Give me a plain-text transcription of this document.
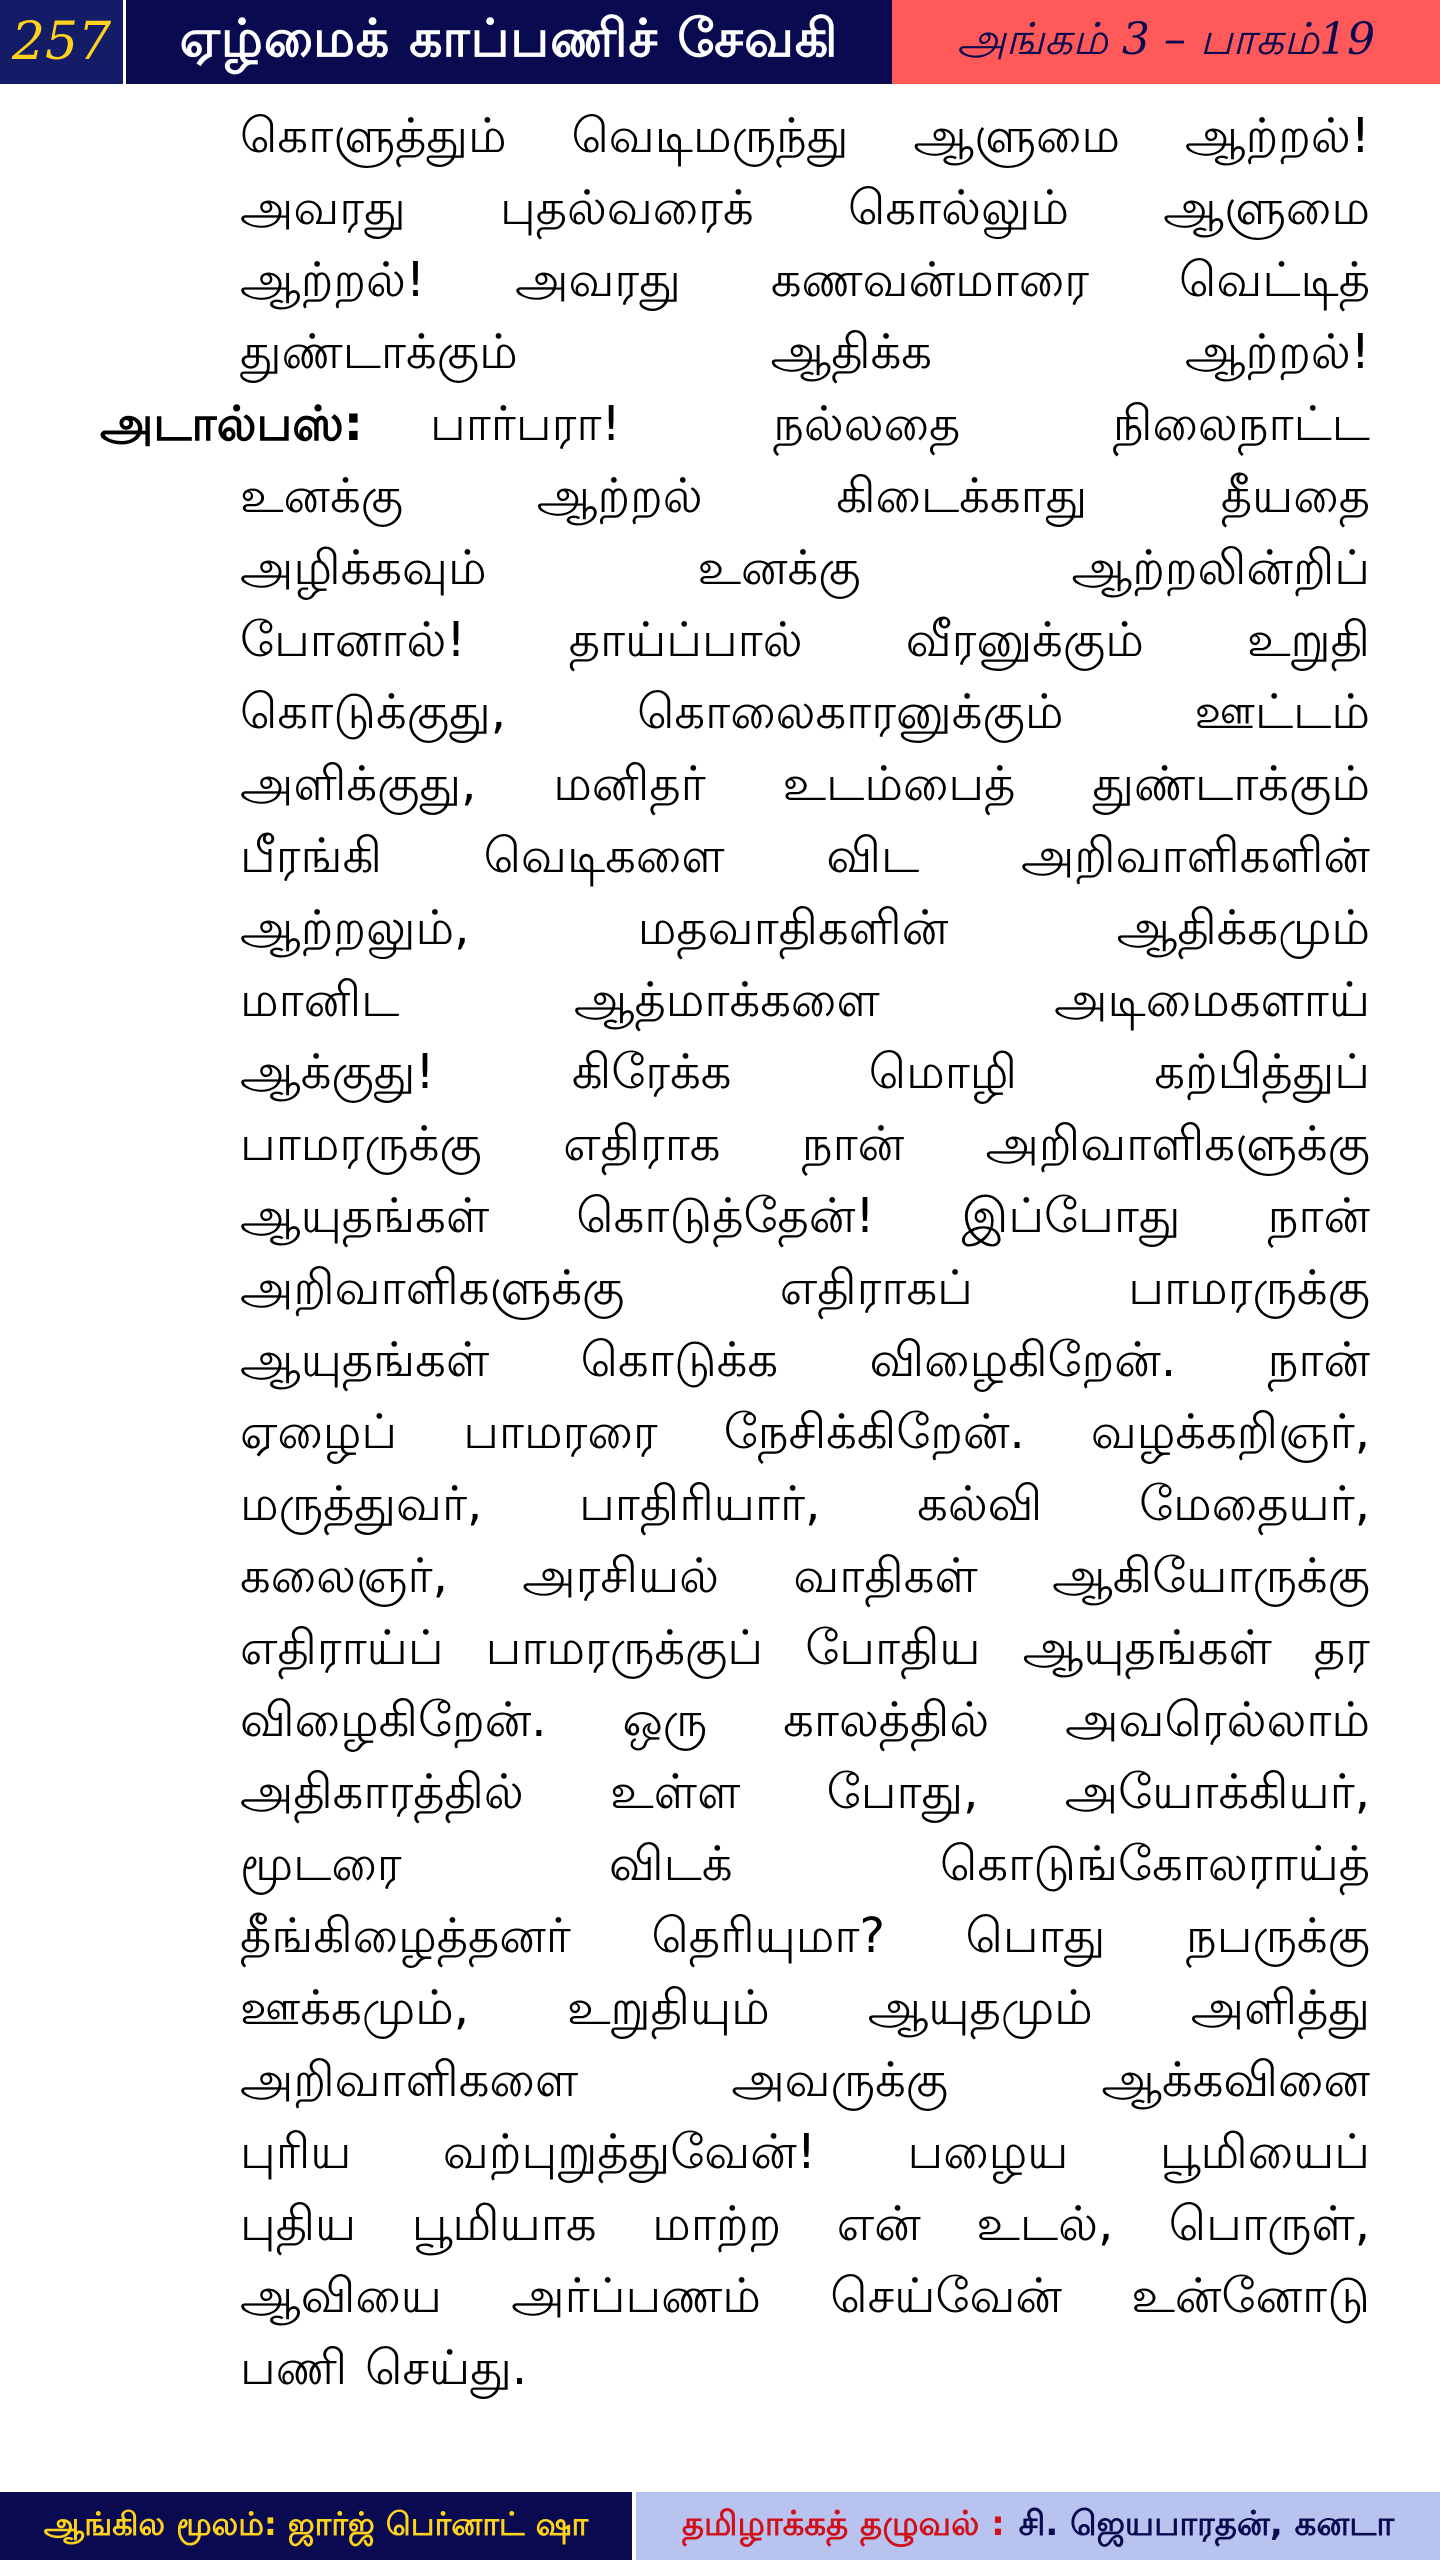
257	ஏழ்மைக் காப்பணிச் சேவகி	அங்கம் 3 – பாகம்19
கொளுத்தும் வெடிமருந்து ஆளுமை ஆற்றல்!
அவரது புதல்வரைக் கொல்லும் ஆளுமை
ஆற்றல்! அவரது கணவன்மாரை வெட்டித்
துண்டாக்கும்	ஆதிக்க	ஆற்றல்!
அடால்பஸ்: பார்பரா!	நல்லதை	நிலைநாட்ட
உனக்கு	ஆற்றல்	கிடைக்காது	தீயதை
அழிக்கவும்	உனக்கு	ஆற்றலின்றிப்
போனால்! தாய்ப்பால் வீரனுக்கும் உறுதி
கொடுக்குது,	கொலைகாரனுக்கும்	ஊட்டம்
அளிக்குது, மனிதர் உடம்பைத் துண்டாக்கும்
பீரங்கி வெடிகளை விட அறிவாளிகளின்
ஆற்றலும்,	மதவாதிகளின்	ஆதிக்கமும்
மானிட	ஆத்மாக்களை	அடிமைகளாய்
ஆக்குது!	கிரேக்க	மொழி	கற்பித்துப்
பாமரருக்கு எதிராக நான் அறிவாளிகளுக்கு
ஆயுதங்கள் கொடுத்தேன்! இப்போது நான்
அறிவாளிகளுக்கு	எதிராகப்	பாமரருக்கு
ஆயுதங்கள் கொடுக்க விழைகிறேன். நான்
ஏழைப் பாமரரை நேசிக்கிறேன். வழக்கறிஞர்,
மருத்துவர், பாதிரியார், கல்வி மேதையர்,
கலைஞர், அரசியல் வாதிகள் ஆகியோருக்கு
எதிராய்ப் பாமரருக்குப் போதிய ஆயுதங்கள் தர
விழைகிறேன். ஒரு காலத்தில் அவரெல்லாம்
அதிகாரத்தில் உள்ள போது, அயோக்கியர்,
மூடரை	விடக்	கொடுங்கோலராய்த்
தீங்கிழைத்தனர் தெரியுமா? பொது நபருக்கு
ஊக்கமும், உறுதியும் ஆயுதமும் அளித்து
அறிவாளிகளை	அவருக்கு	ஆக்கவினை
புரிய வற்புறுத்துவேன்! பழைய பூமியைப்
புதிய பூமியாக மாற்ற என் உடல், பொருள்,
ஆவியை அர்ப்பணம் செய்வேன் உன்னோடு
பணி செய்து.
ஆங்கில மூலம்: ஜார்ஜ் பெர்னாட் ஷா	தமிழாக்கத் தழுவல் : சி. ஜெயபாரதன், கனடா
